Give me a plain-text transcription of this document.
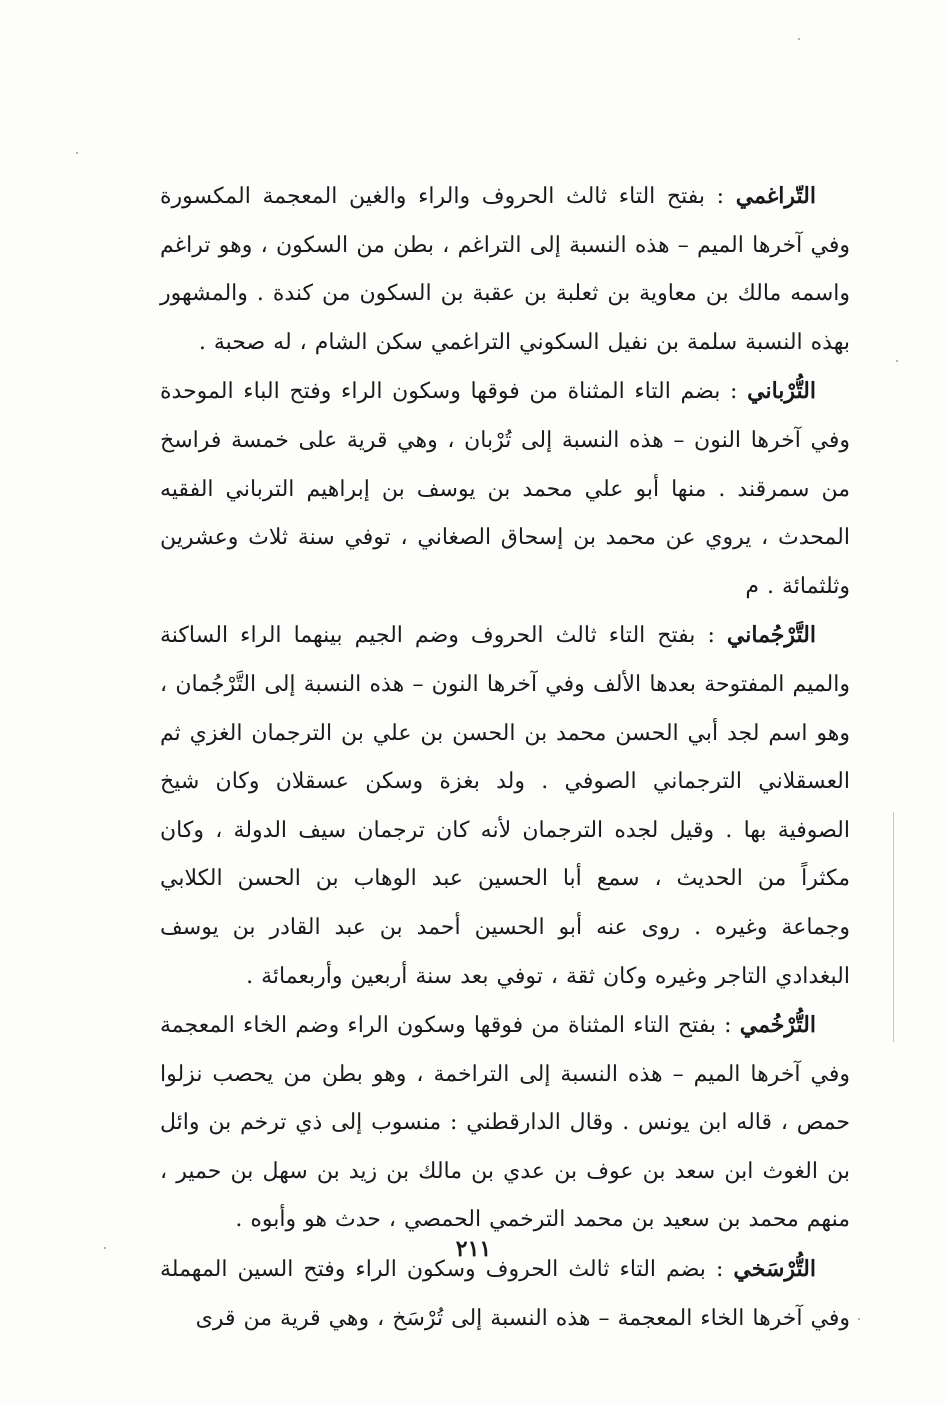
التّراغمي : بفتح التاء ثالث الحروف والراء والغين المعجمة المكسورة وفي آخرها الميم – هذه النسبة إلى التراغم ، بطن من السكون ، وهو تراغم واسمه مالك بن معاوية بن ثعلبة بن عقبة بن السكون من كندة . والمشهور بهذه النسبة سلمة بن نفيل السكوني التراغمي سكن الشام ، له صحبة .

التُّرْباني : بضم التاء المثناة من فوقها وسكون الراء وفتح الباء الموحدة وفي آخرها النون – هذه النسبة إلى تُرْبان ، وهي قرية على خمسة فراسخ من سمرقند . منها أبو علي محمد بن يوسف بن إبراهيم الترباني الفقيه المحدث ، يروي عن محمد بن إسحاق الصغاني ، توفي سنة ثلاث وعشرين وثلثمائة . م

التَّرْجُماني : بفتح التاء ثالث الحروف وضم الجيم بينهما الراء الساكنة والميم المفتوحة بعدها الألف وفي آخرها النون – هذه النسبة إلى التَّرْجُمان ، وهو اسم لجد أبي الحسن محمد بن الحسن بن علي بن الترجمان الغزي ثم العسقلاني الترجماني الصوفي . ولد بغزة وسكن عسقلان وكان شيخ الصوفية بها . وقيل لجده الترجمان لأنه كان ترجمان سيف الدولة ، وكان مكثراً من الحديث ، سمع أبا الحسين عبد الوهاب بن الحسن الكلابي وجماعة وغيره . روى عنه أبو الحسين أحمد بن عبد القادر بن يوسف البغدادي التاجر وغيره وكان ثقة ، توفي بعد سنة أربعين وأربعمائة .

التُّرْخُمي : بفتح التاء المثناة من فوقها وسكون الراء وضم الخاء المعجمة وفي آخرها الميم – هذه النسبة إلى التراخمة ، وهو بطن من يحصب نزلوا حمص ، قاله ابن يونس . وقال الدارقطني : منسوب إلى ذي ترخم بن وائل بن الغوث ابن سعد بن عوف بن عدي بن مالك بن زيد بن سهل بن حمير ، منهم محمد بن سعيد بن محمد الترخمي الحمصي ، حدث هو وأبوه .

التُّرْسَخي : بضم التاء ثالث الحروف وسكون الراء وفتح السين المهملة وفي آخرها الخاء المعجمة – هذه النسبة إلى تُرْسَخ ، وهي قرية من قرى

٢١١
